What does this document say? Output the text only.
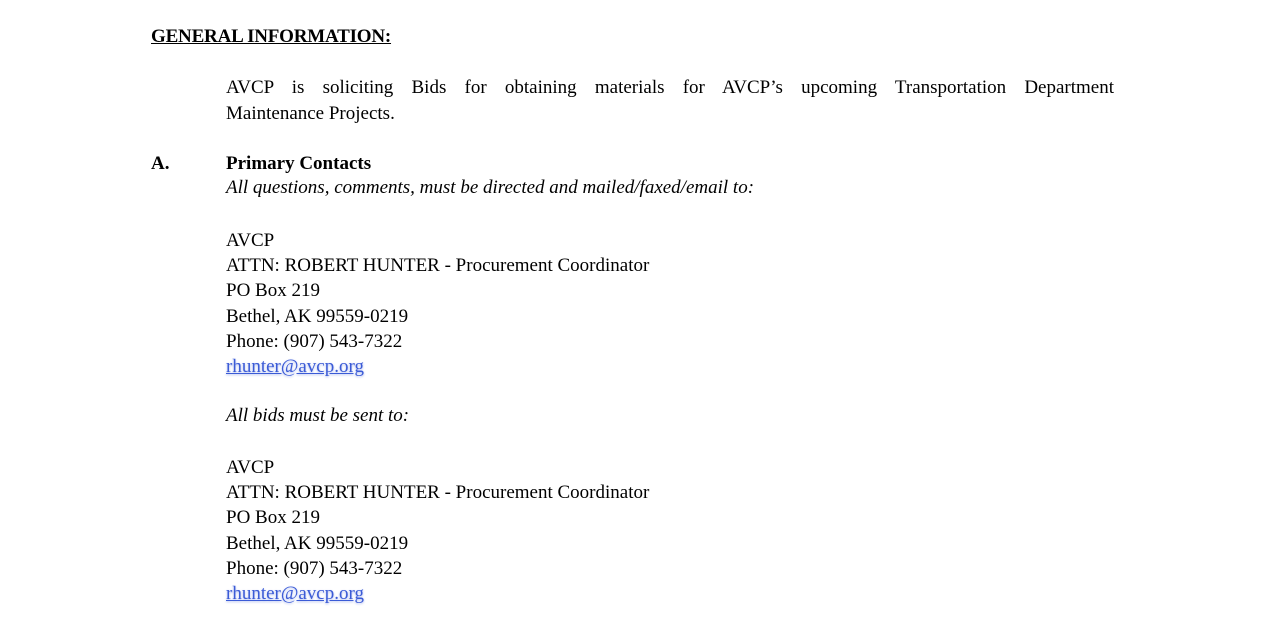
GENERAL INFORMATION:
AVCP is soliciting Bids for obtaining materials for AVCP’s upcoming Transportation Department
Maintenance Projects.
A.	Primary Contacts
All questions, comments, must be directed and mailed/faxed/email to:
AVCP
ATTN: ROBERT HUNTER - Procurement Coordinator
PO Box 219
Bethel, AK 99559-0219
Phone: (907) 543-7322
rhunter@avcp.org
All bids must be sent to:
AVCP
ATTN: ROBERT HUNTER - Procurement Coordinator
PO Box 219
Bethel, AK 99559-0219
Phone: (907) 543-7322
rhunter@avcp.org
